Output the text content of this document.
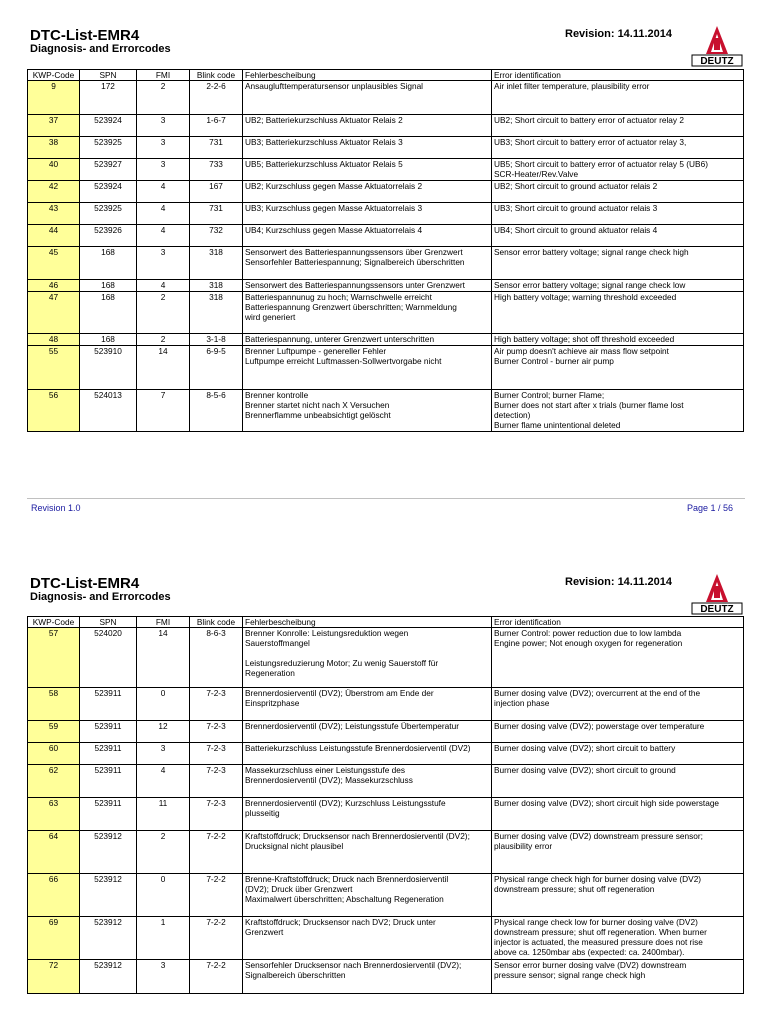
DTC-List-EMR4
Diagnosis- and Errorcodes
Revision: 14.11.2014
DEUTZ
KWP-Code	SPN	FMI	Blink code	Fehlerbescheibung	Error identification
9	172	2	2-2-6	Ansauglufttemperatursensor unplausibles Signal	Air inlet filter temperature, plausibility error

37	523924	3	1-6-7	UB2; Batteriekurzschluss Aktuator Relais 2	UB2; Short circuit to battery error of actuator relay 2

38	523925	3	731	UB3; Batteriekurzschluss Aktuator Relais 3	UB3; Short circuit to battery error of actuator relay 3,

40	523927	3	733	UB5; Batteriekurzschluss Aktuator Relais 5	UB5; Short circuit to battery error of actuator relay 5 (UB6)
SCR-Heater/Rev.Valve

42	523924	4	167	UB2; Kurzschluss gegen Masse Aktuatorrelais 2	UB2; Short circuit to ground actuator relais 2

43	523925	4	731	UB3; Kurzschluss gegen Masse Aktuatorrelais 3	UB3; Short circuit to ground actuator relais 3

44	523926	4	732	UB4; Kurzschluss gegen Masse Aktuatorrelais 4	UB4; Short circuit to ground aktuator relais 4

45	168	3	318	Sensorwert des Batteriespannungssensors über Grenzwert
Sensorfehler Batteriespannung; Signalbereich überschritten	Sensor error battery voltage; signal range check high

46	168	4	318	Sensorwert des Batteriespannungssensors unter Grenzwert	Sensor error battery voltage; signal range check low

47	168	2	318	Batteriespannunug zu hoch; Warnschwelle erreicht
Batteriespannung Grenzwert überschritten; Warnmeldung
wird generiert	High battery voltage; warning threshold exceeded

48	168	2	3-1-8	Batteriespannung, unterer Grenzwert unterschritten	High battery voltage; shot off threshold exceeded

55	523910	14	6-9-5	Brenner Luftpumpe - genereller Fehler
Luftpumpe erreicht Luftmassen-Sollwertvorgabe nicht	Air pump doesn't achieve air mass flow setpoint
Burner Control - burner air pump

56	524013	7	8-5-6	Brenner kontrolle
Brenner startet nicht nach X Versuchen
Brennerflamme unbeabsichtigt gelöscht	Burner Control; burner Flame;
Burner does not start after x trials (burner flame lost
detection)
Burner flame unintentional deleted
Revision 1.0	Page 1 / 56
DTC-List-EMR4
Diagnosis- and Errorcodes
Revision: 14.11.2014
DEUTZ
KWP-Code	SPN	FMI	Blink code	Fehlerbescheibung	Error identification
57	524020	14	8-6-3	Brenner Konrolle: Leistungsreduktion wegen
Sauerstoffmangel

Leistungsreduzierung Motor; Zu wenig Sauerstoff für
Regeneration	Burner Control: power reduction due to low lambda
Engine power; Not enough oxygen for regeneration

58	523911	0	7-2-3	Brennerdosierventil (DV2); Überstrom am Ende der
Einspritzphase	Burner dosing valve (DV2); overcurrent at the end of the
injection phase

59	523911	12	7-2-3	Brennerdosierventil (DV2); Leistungsstufe Übertemperatur	Burner dosing valve (DV2); powerstage over temperature

60	523911	3	7-2-3	Batteriekurzschluss Leistungsstufe Brennerdosierventil (DV2)	Burner dosing valve (DV2); short circuit to battery

62	523911	4	7-2-3	Massekurzschluss einer Leistungsstufe des
Brennerdosierventil (DV2); Massekurzschluss	Burner dosing valve (DV2); short circuit to ground

63	523911	11	7-2-3	Brennerdosierventil (DV2); Kurzschluss Leistungsstufe
plusseitig	Burner dosing valve (DV2); short circuit high side powerstage

64	523912	2	7-2-2	Kraftstoffdruck; Drucksensor nach Brennerdosierventil (DV2);
Drucksignal nicht plausibel	Burner dosing valve (DV2) downstream pressure sensor;
plausibility error

66	523912	0	7-2-2	Brenne-Kraftstoffdruck; Druck nach Brennerdosierventil
(DV2); Druck über Grenzwert
Maximalwert überschritten; Abschaltung Regeneration	Physical range check high for burner dosing valve (DV2)
downstream pressure; shut off regeneration

69	523912	1	7-2-2	Kraftstoffdruck; Drucksensor nach DV2; Druck unter
Grenzwert	Physical range check low for burner dosing valve (DV2)
downstream pressure; shut off regeneration. When burner
injector is actuated, the measured pressure does not rise
above ca. 1250mbar abs (expected: ca. 2400mbar).

72	523912	3	7-2-2	Sensorfehler Drucksensor nach Brennerdosierventil (DV2);
Signalbereich überschritten	Sensor error burner dosing valve (DV2) downstream
pressure sensor; signal range check high
